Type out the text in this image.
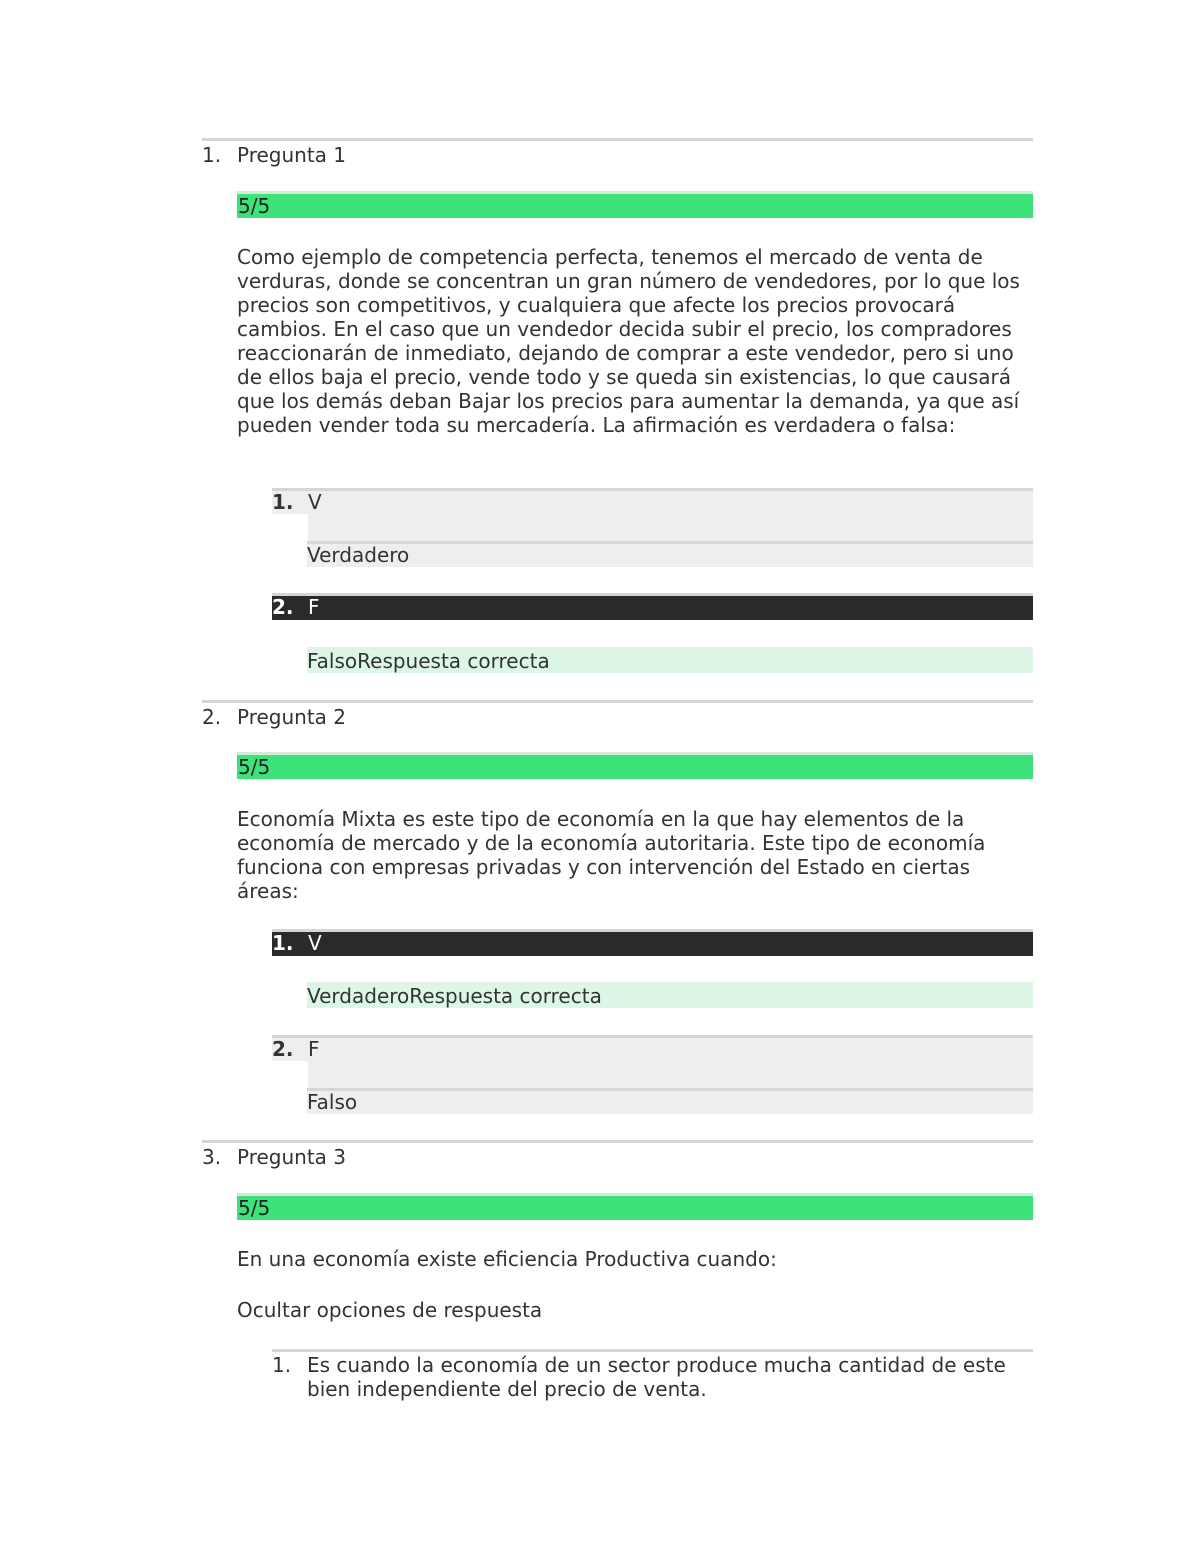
1. Pregunta 1
5/5
Como ejemplo de competencia perfecta, tenemos el mercado de venta de verduras, donde se concentran un gran número de vendedores, por lo que los precios son competitivos, y cualquiera que afecte los precios provocará cambios. En el caso que un vendedor decida subir el precio, los compradores reaccionarán de inmediato, dejando de comprar a este vendedor, pero si uno de ellos baja el precio, vende todo y se queda sin existencias, lo que causará que los demás deban Bajar los precios para aumentar la demanda, ya que así pueden vender toda su mercadería. La afirmación es verdadera o falsa:
1. V
Verdadero
2. F
FalsoRespuesta correcta
2. Pregunta 2
5/5
Economía Mixta es este tipo de economía en la que hay elementos de la economía de mercado y de la economía autoritaria. Este tipo de economía funciona con empresas privadas y con intervención del Estado en ciertas áreas:
1. V
VerdaderoRespuesta correcta
2. F
Falso
3. Pregunta 3
5/5
En una economía existe eficiencia Productiva cuando:
Ocultar opciones de respuesta
1. Es cuando la economía de un sector produce mucha cantidad de este bien independiente del precio de venta.
